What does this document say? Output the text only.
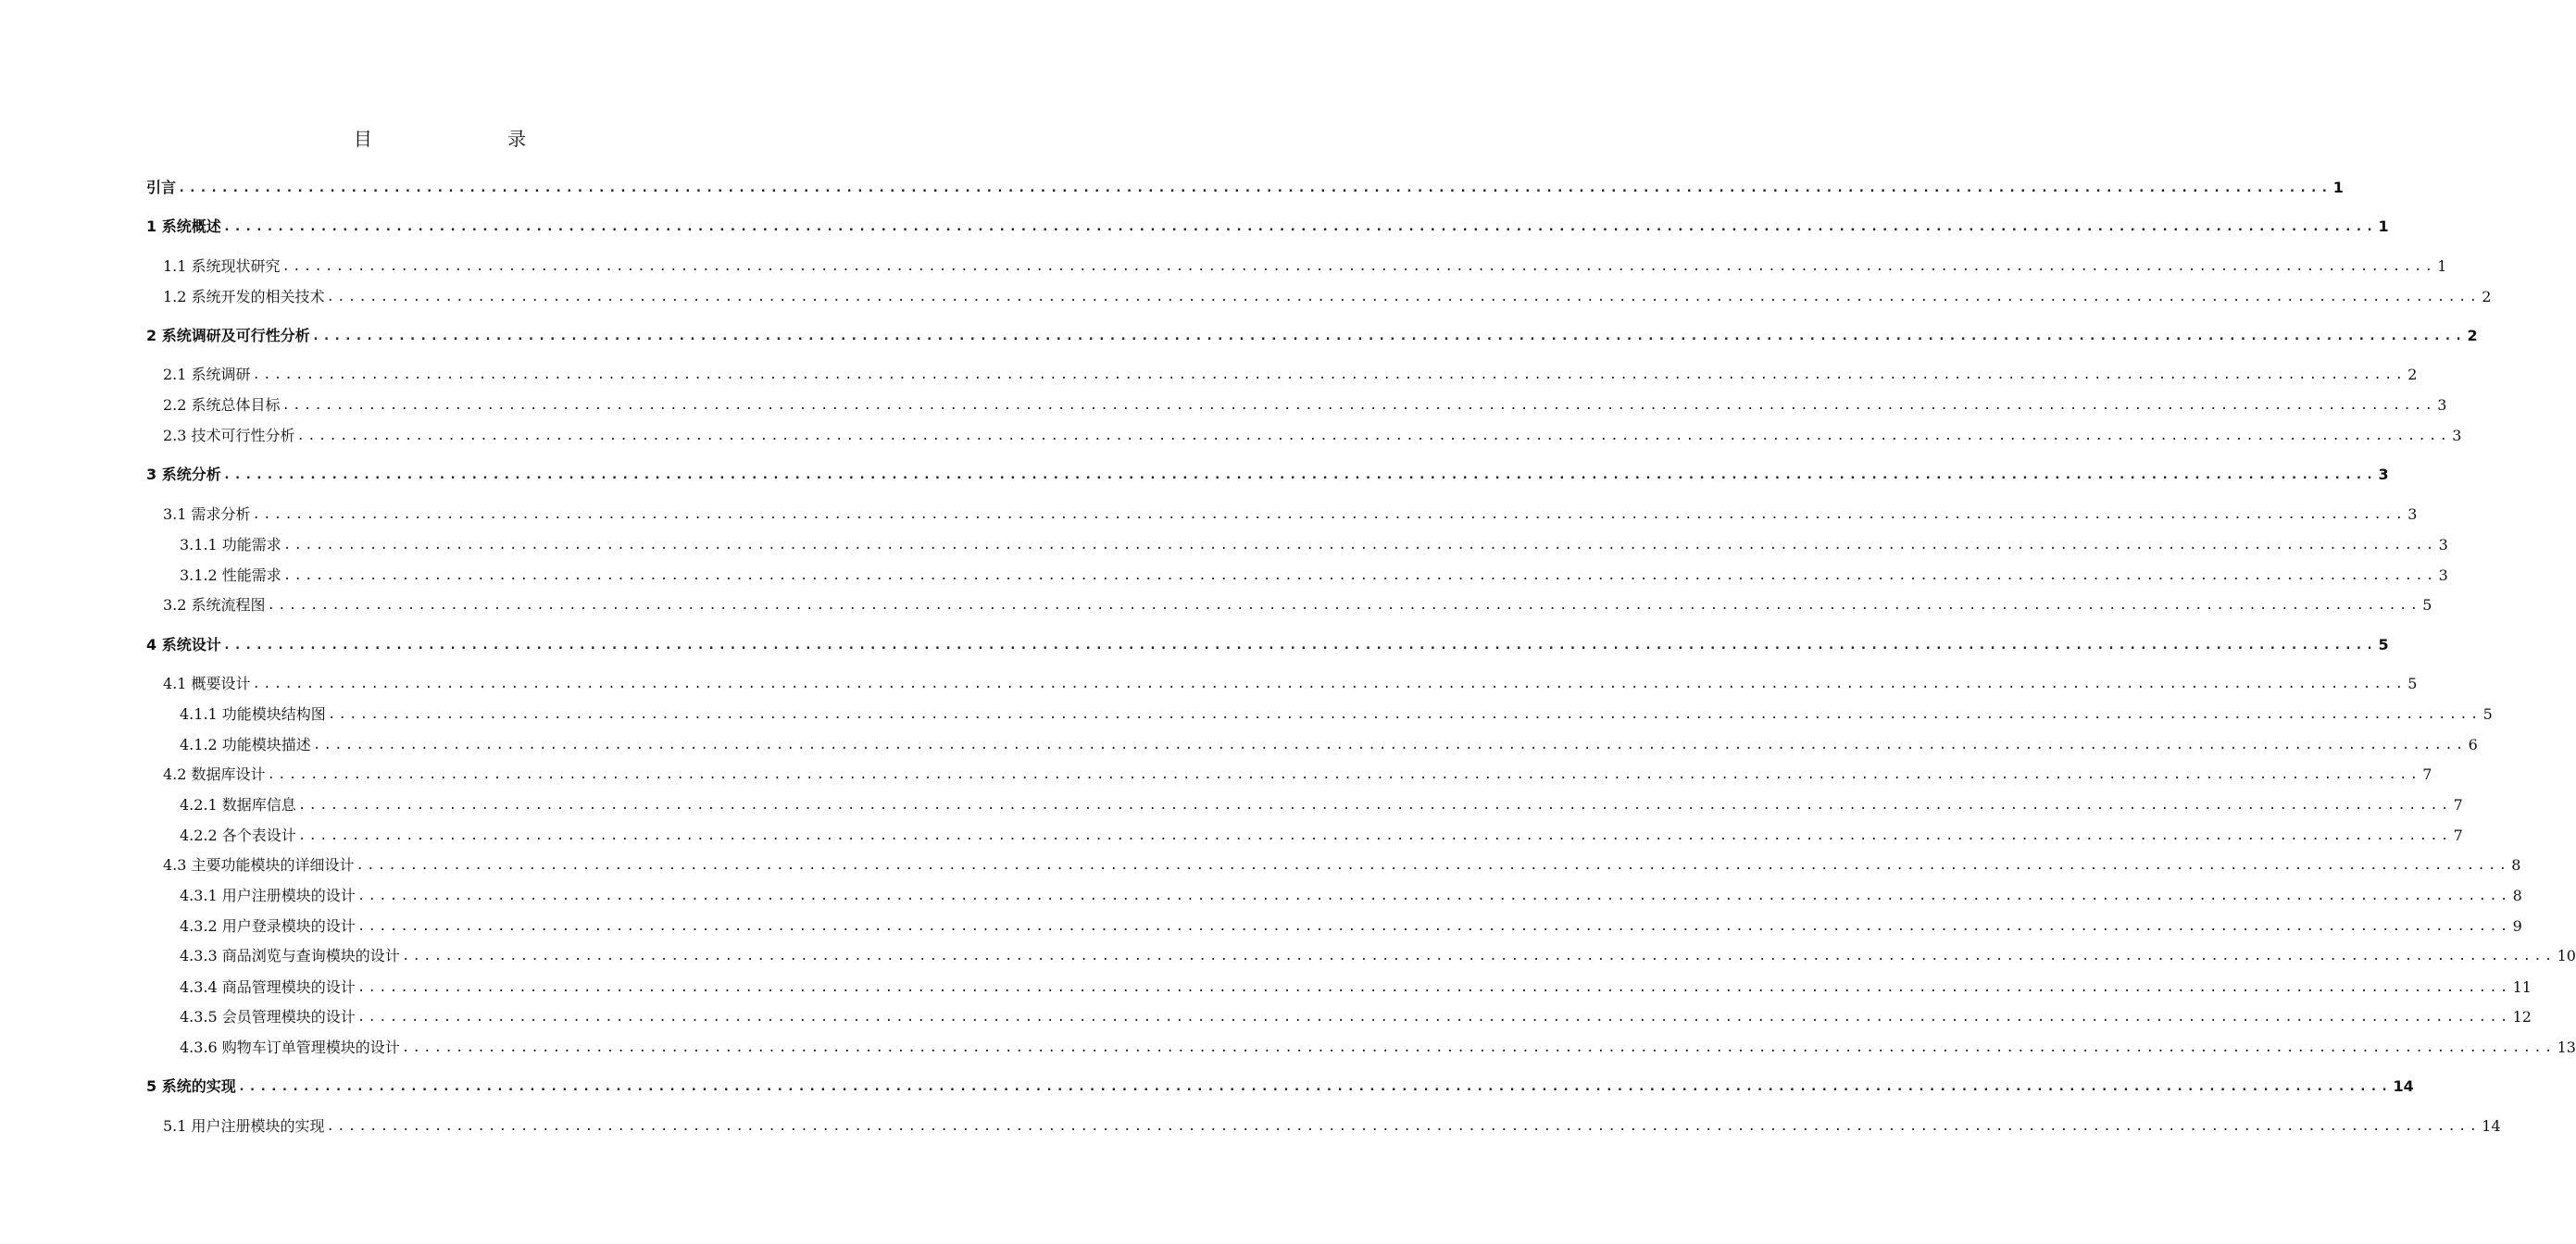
目 录
引言 ........................................................................................................................................................................................................ 1
1 系统概述 ........................................................................................................................................................................................................ 1
1.1 系统现状研究 ........................................................................................................................................................................................................ 1
1.2 系统开发的相关技术 ........................................................................................................................................................................................................ 2
2 系统调研及可行性分析 ........................................................................................................................................................................................................ 2
2.1 系统调研 ........................................................................................................................................................................................................ 2
2.2 系统总体目标 ........................................................................................................................................................................................................ 3
2.3 技术可行性分析 ........................................................................................................................................................................................................ 3
3 系统分析 ........................................................................................................................................................................................................ 3
3.1 需求分析 ........................................................................................................................................................................................................ 3
3.1.1 功能需求 ........................................................................................................................................................................................................ 3
3.1.2 性能需求 ........................................................................................................................................................................................................ 3
3.2 系统流程图 ........................................................................................................................................................................................................ 5
4 系统设计 ........................................................................................................................................................................................................ 5
4.1 概要设计 ........................................................................................................................................................................................................ 5
4.1.1 功能模块结构图 ........................................................................................................................................................................................................ 5
4.1.2 功能模块描述 ........................................................................................................................................................................................................ 6
4.2 数据库设计 ........................................................................................................................................................................................................ 7
4.2.1 数据库信息 ........................................................................................................................................................................................................ 7
4.2.2 各个表设计 ........................................................................................................................................................................................................ 7
4.3 主要功能模块的详细设计 ........................................................................................................................................................................................................ 8
4.3.1 用户注册模块的设计 ........................................................................................................................................................................................................ 8
4.3.2 用户登录模块的设计 ........................................................................................................................................................................................................ 9
4.3.3 商品浏览与查询模块的设计 ........................................................................................................................................................................................................ 10
4.3.4 商品管理模块的设计 ........................................................................................................................................................................................................ 11
4.3.5 会员管理模块的设计 ........................................................................................................................................................................................................ 12
4.3.6 购物车订单管理模块的设计 ........................................................................................................................................................................................................ 13
5 系统的实现 ........................................................................................................................................................................................................ 14
5.1 用户注册模块的实现 ........................................................................................................................................................................................................ 14
